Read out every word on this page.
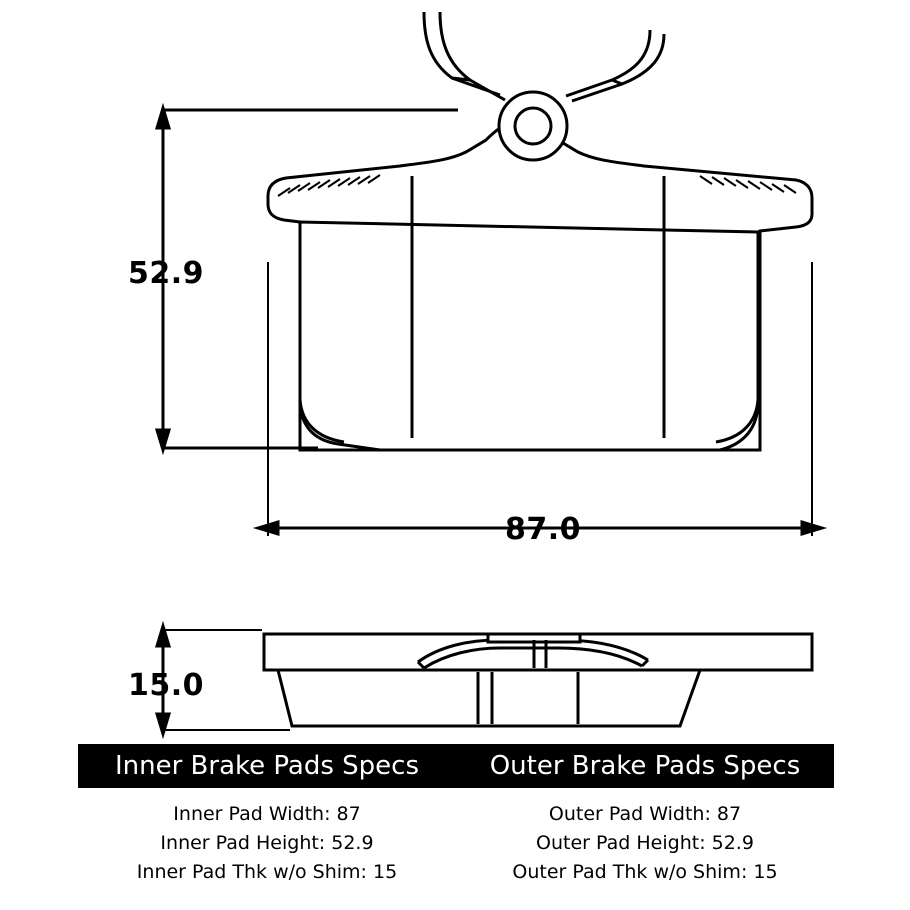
52.9
87.0
15.0
Inner Brake Pads Specs	Outer Brake Pads Specs
Inner Pad Width: 87
Inner Pad Height: 52.9
Inner Pad Thk w/o Shim: 15
Outer Pad Width: 87
Outer Pad Height: 52.9
Outer Pad Thk w/o Shim: 15
